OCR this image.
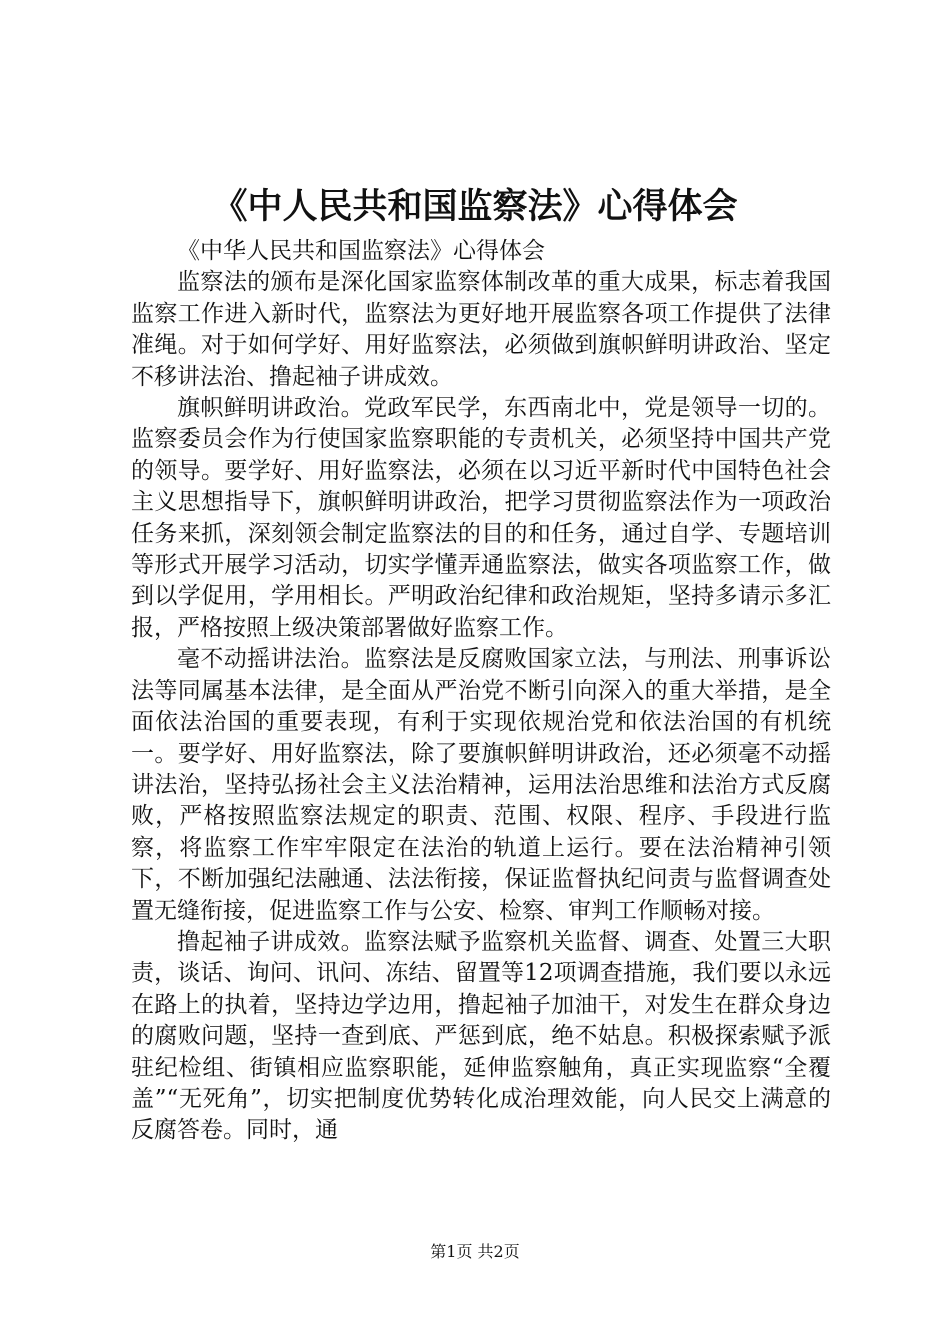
《中人民共和国监察法》心得体会

《中华人民共和国监察法》心得体会

监察法的颁布是深化国家监察体制改革的重大成果，标志着我国监察工作进入新时代，监察法为更好地开展监察各项工作提供了法律准绳。对于如何学好、用好监察法，必须做到旗帜鲜明讲政治、坚定不移讲法治、撸起袖子讲成效。

旗帜鲜明讲政治。党政军民学，东西南北中，党是领导一切的。监察委员会作为行使国家监察职能的专责机关，必须坚持中国共产党的领导。要学好、用好监察法，必须在以习近平新时代中国特色社会主义思想指导下，旗帜鲜明讲政治，把学习贯彻监察法作为一项政治任务来抓，深刻领会制定监察法的目的和任务，通过自学、专题培训等形式开展学习活动，切实学懂弄通监察法，做实各项监察工作，做到以学促用，学用相长。严明政治纪律和政治规矩，坚持多请示多汇报，严格按照上级决策部署做好监察工作。

毫不动摇讲法治。监察法是反腐败国家立法，与刑法、刑事诉讼法等同属基本法律，是全面从严治党不断引向深入的重大举措，是全面依法治国的重要表现，有利于实现依规治党和依法治国的有机统一。要学好、用好监察法，除了要旗帜鲜明讲政治，还必须毫不动摇讲法治，坚持弘扬社会主义法治精神，运用法治思维和法治方式反腐败，严格按照监察法规定的职责、范围、权限、程序、手段进行监察，将监察工作牢牢限定在法治的轨道上运行。要在法治精神引领下，不断加强纪法融通、法法衔接，保证监督执纪问责与监督调查处置无缝衔接，促进监察工作与公安、检察、审判工作顺畅对接。

撸起袖子讲成效。监察法赋予监察机关监督、调查、处置三大职责，谈话、询问、讯问、冻结、留置等12项调查措施，我们要以永远在路上的执着，坚持边学边用，撸起袖子加油干，对发生在群众身边的腐败问题，坚持一查到底、严惩到底，绝不姑息。积极探索赋予派驻纪检组、街镇相应监察职能，延伸监察触角，真正实现监察“全覆盖”“无死角”，切实把制度优势转化成治理效能，向人民交上满意的反腐答卷。同时，通

第1页 共2页
